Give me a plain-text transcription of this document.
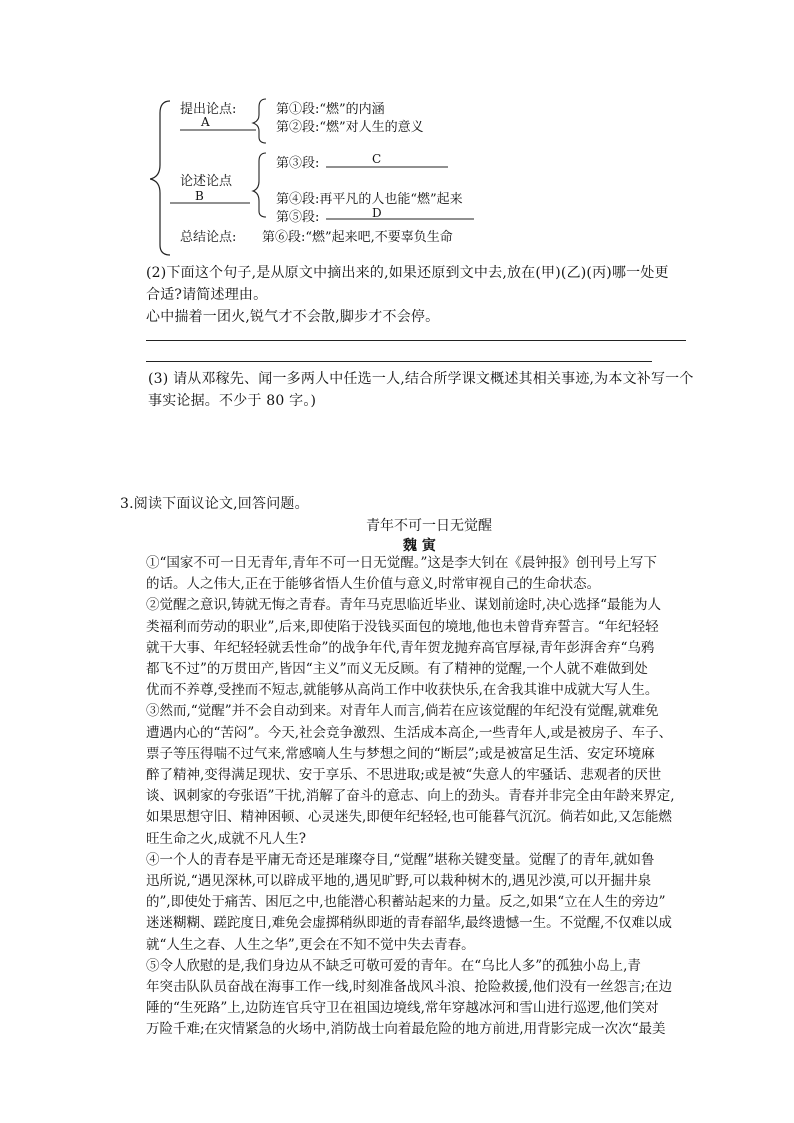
提出论点:
A
第①段:“燃”的内涵
第②段:“燃”对人生的意义
论述论点
B
第③段:	C
第④段:再平凡的人也能“燃”起来
第⑤段:	D
总结论点: 第⑥段:“燃”起来吧,不要辜负生命
(2)下面这个句子,是从原文中摘出来的,如果还原到文中去,放在(甲)(乙)(丙)哪一处更
合适?请简述理由。
心中揣着一团火,锐气才不会散,脚步才不会停。
(3) 请从邓稼先、闻一多两人中任选一人,结合所学课文概述其相关事迹,为本文补写一个
事实论据。不少于 80 字。)
3.阅读下面议论文,回答问题。
青年不可一日无觉醒
魏 寅
①“国家不可一日无青年,青年不可一日无觉醒。”这是李大钊在《晨钟报》创刊号上写下
的话。人之伟大,正在于能够省悟人生价值与意义,时常审视自己的生命状态。
②觉醒之意识,铸就无悔之青春。青年马克思临近毕业、谋划前途时,决心选择“最能为人
类福利而劳动的职业”,后来,即使陷于没钱买面包的境地,他也未曾背弃誓言。“年纪轻轻
就干大事、年纪轻轻就丢性命”的战争年代,青年贺龙抛弃高官厚禄,青年彭湃舍弃“乌鸦
都飞不过”的万贯田产,皆因“主义”而义无反顾。有了精神的觉醒,一个人就不难做到处
优而不养尊,受挫而不短志,就能够从高尚工作中收获快乐,在舍我其谁中成就大写人生。
③然而,“觉醒”并不会自动到来。对青年人而言,倘若在应该觉醒的年纪没有觉醒,就难免
遭遇内心的“苦闷”。今天,社会竞争激烈、生活成本高企,一些青年人,或是被房子、车子、
票子等压得喘不过气来,常感嘀人生与梦想之间的“断层”;或是被富足生活、安定环境麻
醉了精神,变得满足现状、安于享乐、不思进取;或是被“失意人的牢骚话、悲观者的厌世
谈、讽刺家的夸张语”干扰,消解了奋斗的意志、向上的劲头。青春并非完全由年龄来界定,
如果思想守旧、精神困顿、心灵迷失,即便年纪轻轻,也可能暮气沉沉。倘若如此,又怎能燃
旺生命之火,成就不凡人生?
④一个人的青春是平庸无奇还是璀璨夺目,“觉醒”堪称关键变量。觉醒了的青年,就如鲁
迅所说,“遇见深林,可以辟成平地的,遇见旷野,可以栽种树木的,遇见沙漠,可以开掘井泉
的”,即使处于痛苦、困厄之中,也能潜心积蓄站起来的力量。反之,如果“立在人生的旁边”
迷迷糊糊、蹉跎度日,难免会虚掷稍纵即逝的青春韶华,最终遗憾一生。不觉醒,不仅难以成
就“人生之春、人生之华”,更会在不知不觉中失去青春。
⑤令人欣慰的是,我们身边从不缺乏可敬可爱的青年。在“乌比人多”的孤独小岛上,青
年突击队队员奋战在海事工作一线,时刻准备战风斗浪、抢险救援,他们没有一丝怨言;在边
陲的“生死路”上,边防连官兵守卫在祖国边境线,常年穿越冰河和雪山进行巡逻,他们笑对
万险千难;在灾情紧急的火场中,消防战士向着最危险的地方前进,用背影完成一次次“最美
